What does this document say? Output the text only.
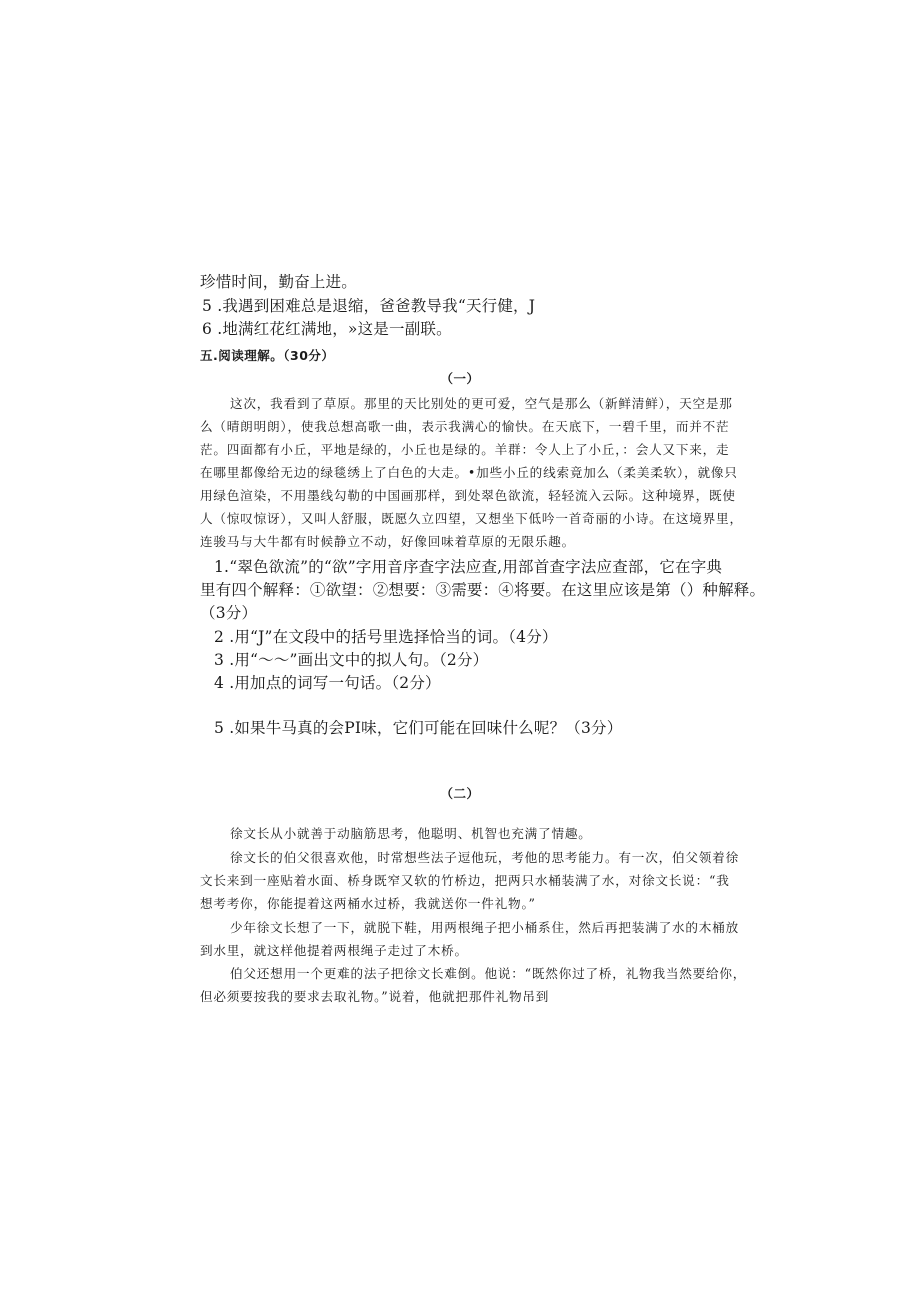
珍惜时间，勤奋上进。
5 .我遇到困难总是退缩，爸爸教导我“天行健，J
6 .地满红花红满地，»这是一副联。
五.阅读理解。（30分）
（一）
这次，我看到了草原。那里的天比别处的更可爱，空气是那么（新鲜清鲜），天空是那
么（晴朗明朗），使我总想高歌一曲，表示我满心的愉快。在天底下，一碧千里，而并不茫
茫。四面都有小丘，平地是绿的，小丘也是绿的。羊群：令人上了小丘，：会人又下来，走
在哪里都像给无边的绿毯绣上了白色的大走。•加些小丘的线索竟加么（柔美柔软），就像只
用绿色渲染，不用墨线勾勒的中国画那样，到处翠色欲流，轻轻流入云际。这种境界，既使
人（惊叹惊讶），又叫人舒服，既愿久立四望，又想坐下低吟一首奇丽的小诗。在这境界里，
连骏马与大牛都有时候静立不动，好像回味着草原的无限乐趣。
1.“翠色欲流”的“欲”字用音序查字法应查,用部首查字法应查部，它在字典
里有四个解释：①欲望：②想要：③需要：④将要。在这里应该是第（）种解释。
（3分）
2 .用“J”在文段中的括号里选择恰当的词。（4分）
3 .用“～～”画出文中的拟人句。（2分）
4 .用加点的词写一句话。（2分）
5 .如果牛马真的会PI味，它们可能在回味什么呢？（3分）
（二）
徐文长从小就善于动脑筋思考，他聪明、机智也充满了情趣。
徐文长的伯父很喜欢他，时常想些法子逗他玩，考他的思考能力。有一次，伯父领着徐
文长来到一座贴着水面、桥身既窄又软的竹桥边，把两只水桶装满了水，对徐文长说：“我
想考考你，你能提着这两桶水过桥，我就送你一件礼物。”
少年徐文长想了一下，就脱下鞋，用两根绳子把小桶系住，然后再把装满了水的木桶放
到水里，就这样他提着两根绳子走过了木桥。
伯父还想用一个更难的法子把徐文长难倒。他说：“既然你过了桥，礼物我当然要给你，
但必须要按我的要求去取礼物。”说着，他就把那件礼物吊到
